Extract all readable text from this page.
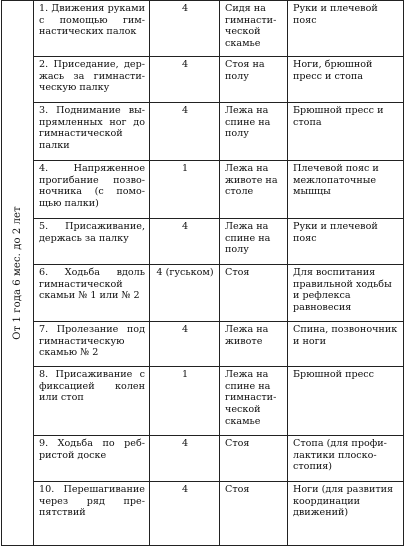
От 1 года 6 мес. до 2 лет	1. Движения руками с помощью гимнастических палок	4	Сидя на гимнастической скамье	Руки и плечевой пояс
	2. Приседание, держась за гимнастическую палку	4	Стоя на полу	Ноги, брюшной пресс и стопа
	3. Поднимание выпрямленных ног до гимнастической палки	4	Лежа на спине на полу	Брюшной пресс и стопа
	4. Напряженное прогибание позвоночника (с помощью палки)	1	Лежа на животе на столе	Плечевой пояс и межлопаточные мышцы
	5. Присаживание, держась за палку	4	Лежа на спине на полу	Руки и плечевой пояс
	6. Ходьба вдоль гимнастической скамьи № 1 или № 2	4 (гуськом)	Стоя	Для воспитания правильной ходьбы и рефлекса равновесия
	7. Пролезание под гимнастическую скамью № 2	4	Лежа на животе	Спина, позвоночник и ноги
	8. Присаживание с фиксацией колен или стоп	1	Лежа на спине на гимнастической скамье	Брюшной пресс
	9. Ходьба по ребристой доске	4	Стоя	Стопа (для профилактики плоскостопия)
	10. Перешагивание через ряд препятствий	4	Стоя	Ноги (для развития координации движений)
